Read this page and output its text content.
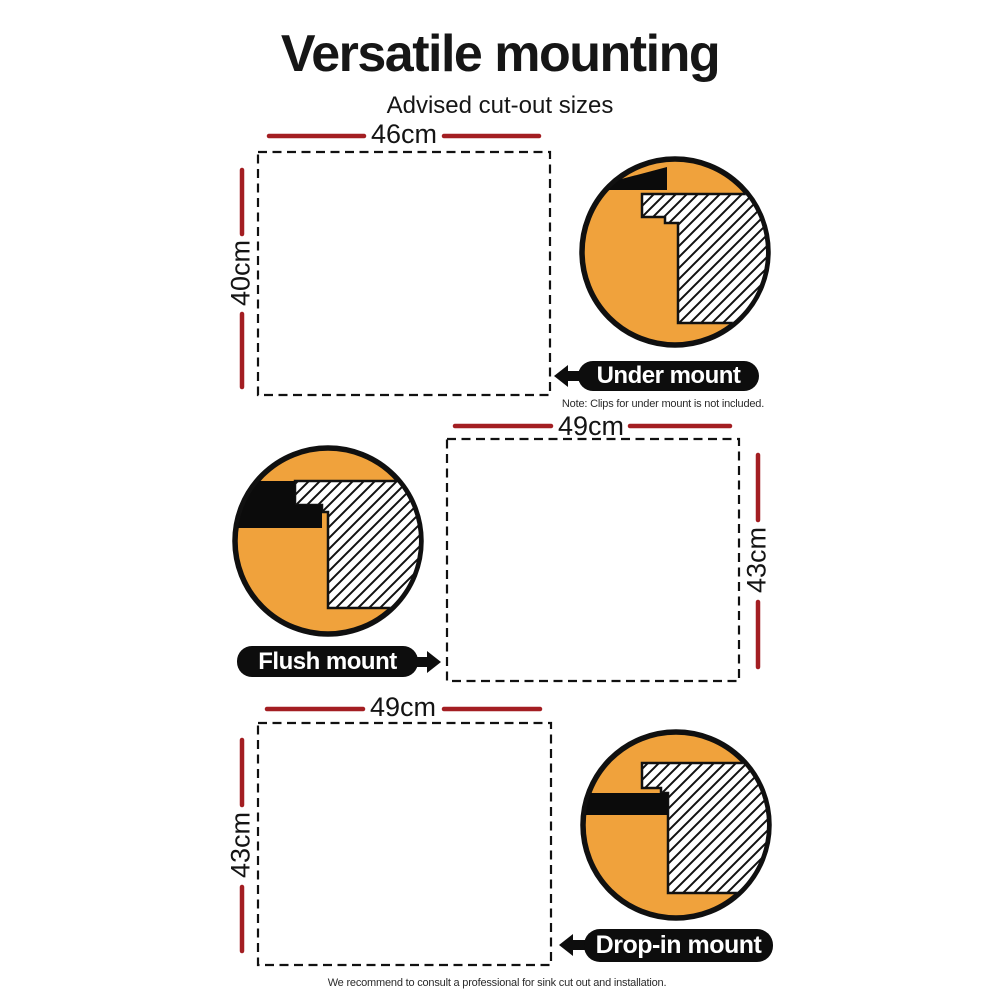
Versatile mounting
Advised cut-out sizes
46cm
40cm
49cm
43cm
49cm
43cm
Under mount
Note: Clips for under mount is not included.
Flush mount
Drop-in mount
We recommend to consult a professional for sink cut out and installation.
